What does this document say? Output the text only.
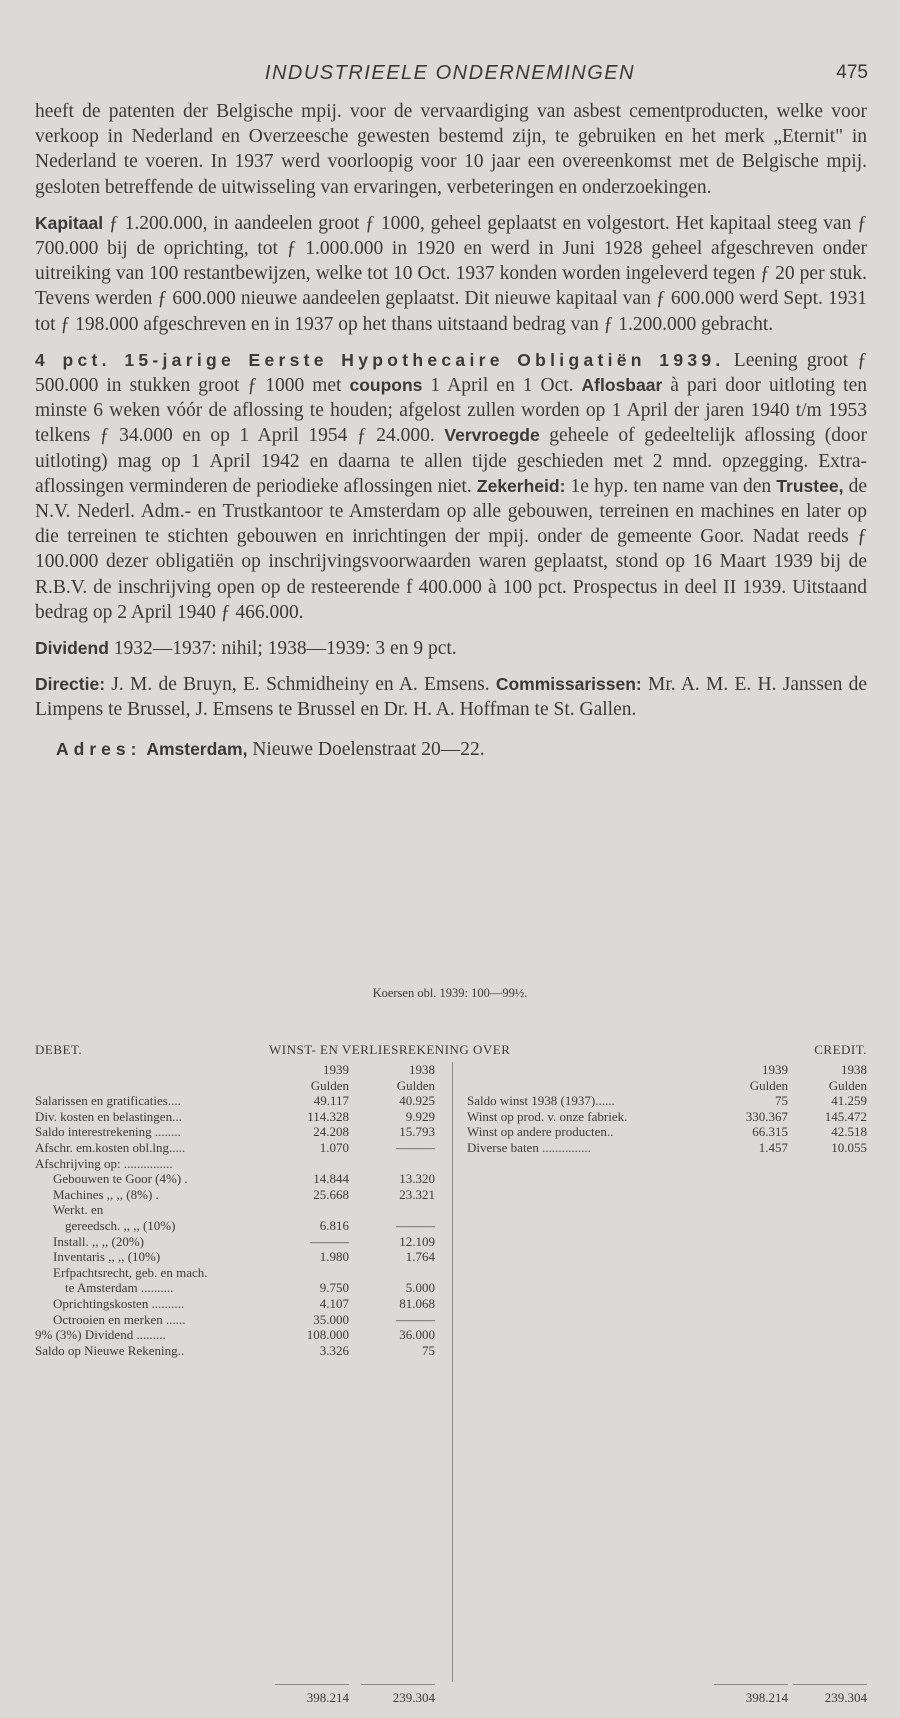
INDUSTRIEELE ONDERNEMINGEN	475

heeft de patenten der Belgische mpij. voor de vervaardiging van asbest cementproducten, welke voor verkoop in Nederland en Overzeesche gewesten bestemd zijn, te gebruiken en het merk „Eternit" in Nederland te voeren. In 1937 werd voorloopig voor 10 jaar een overeenkomst met de Belgische mpij. gesloten betreffende de uitwisseling van ervaringen, verbeteringen en onderzoekingen.

Kapitaal ƒ 1.200.000, in aandeelen groot ƒ 1000, geheel geplaatst en volgestort. Het kapitaal steeg van ƒ 700.000 bij de oprichting, tot ƒ 1.000.000 in 1920 en werd in Juni 1928 geheel afgeschreven onder uitreiking van 100 restantbewijzen, welke tot 10 Oct. 1937 konden worden ingeleverd tegen ƒ 20 per stuk. Tevens werden ƒ 600.000 nieuwe aandeelen geplaatst. Dit nieuwe kapitaal van ƒ 600.000 werd Sept. 1931 tot ƒ 198.000 afgeschreven en in 1937 op het thans uitstaand bedrag van ƒ 1.200.000 gebracht.

4 pct. 15-jarige Eerste Hypothecaire Obligatiën 1939. Leening groot ƒ 500.000 in stukken groot ƒ 1000 met coupons 1 April en 1 Oct. Aflosbaar à pari door uitloting ten minste 6 weken vóór de aflossing te houden; afgelost zullen worden op 1 April der jaren 1940 t/m 1953 telkens ƒ 34.000 en op 1 April 1954 ƒ 24.000. Vervroegde geheele of gedeeltelijk aflossing (door uitloting) mag op 1 April 1942 en daarna te allen tijde geschieden met 2 mnd. opzegging. Extra-aflossingen verminderen de periodieke aflossingen niet. Zekerheid: 1e hyp. ten name van den Trustee, de N.V. Nederl. Adm.- en Trustkantoor te Amsterdam op alle gebouwen, terreinen en machines en later op die terreinen te stichten gebouwen en inrichtingen der mpij. onder de gemeente Goor. Nadat reeds ƒ 100.000 dezer obligatiën op inschrijvingsvoorwaarden waren geplaatst, stond op 16 Maart 1939 bij de R.B.V. de inschrijving open op de resteerende f 400.000 à 100 pct. Prospectus in deel II 1939. Uitstaand bedrag op 2 April 1940 ƒ 466.000.

Dividend 1932—1937: nihil; 1938—1939: 3 en 9 pct.

Directie: J. M. de Bruyn, E. Schmidheiny en A. Emsens. Commissarissen: Mr. A. M. E. H. Janssen de Limpens te Brussel, J. Emsens te Brussel en Dr. H. A. Hoffman te St. Gallen.

Adres: Amsterdam, Nieuwe Doelenstraat 20—22.

Koersen obl. 1939: 100—99½.
DEBET.	WINST- EN VERLIESREKENING OVER	CREDIT.
1939	1938
Gulden	Gulden
Salarissen en gratificaties....	49.117	40.925
Div. kosten en belastingen...	114.328	9.929
Saldo interestrekening ........	24.208	15.793
Afschr. em.kosten obl.lng.....	1.070	———
Afschrijving op: ...............
Gebouwen te Goor (4%) .	14.844	13.320
Machines ,, ,, (8%) .	25.668	23.321
Werkt. en
gereedsch. ,, ,, (10%)	6.816	———
Install. ,, ,, (20%)	———	12.109
Inventaris ,, ,, (10%)	1.980	1.764
Erfpachtsrecht, geb. en mach.
te Amsterdam ..........	9.750	5.000
Oprichtingskosten ..........	4.107	81.068
Octrooien en merken ......	35.000	———
9% (3%) Dividend .........	108.000	36.000
Saldo op Nieuwe Rekening..	3.326	75
1939	1938
Gulden	Gulden
Saldo winst 1938 (1937)......	75	41.259
Winst op prod. v. onze fabriek.	330.367	145.472
Winst op andere producten..	66.315	42.518
Diverse baten ...............	1.457	10.055
398.214	239.304	398.214	239.304
